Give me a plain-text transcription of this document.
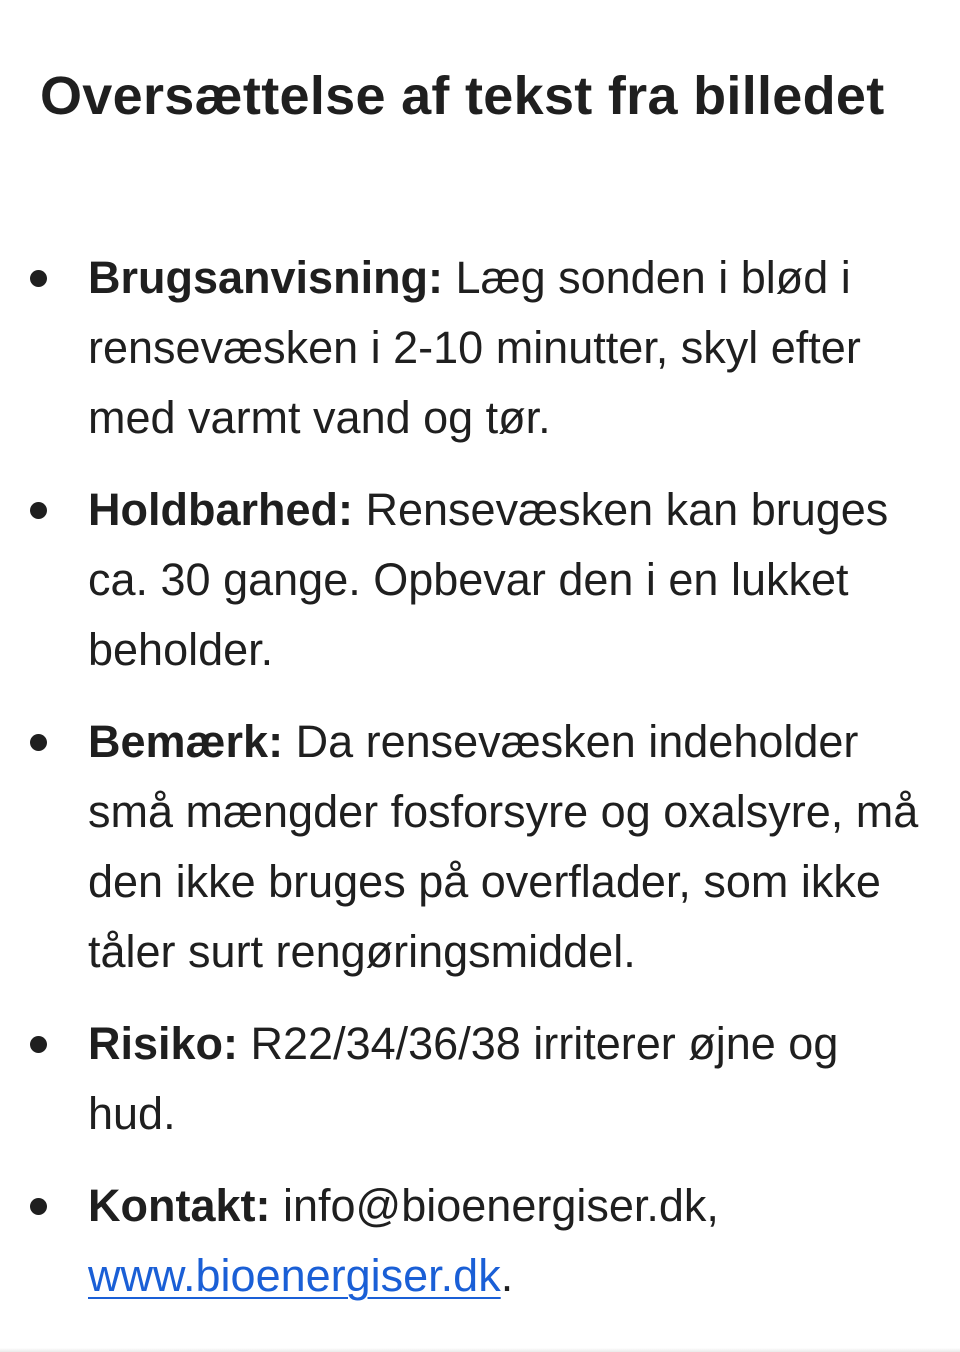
Oversættelse af tekst fra billedet
Brugsanvisning: Læg sonden i blød i rensevæsken i 2-10 minutter, skyl efter med varmt vand og tør.
Holdbarhed: Rensevæsken kan bruges ca. 30 gange. Opbevar den i en lukket beholder.
Bemærk: Da rensevæsken indeholder små mængder fosforsyre og oxalsyre, må den ikke bruges på overflader, som ikke tåler surt rengøringsmiddel.
Risiko: R22/34/36/38 irriterer øjne og hud.
Kontakt: info@bioenergiser.dk, www.bioenergiser.dk.
